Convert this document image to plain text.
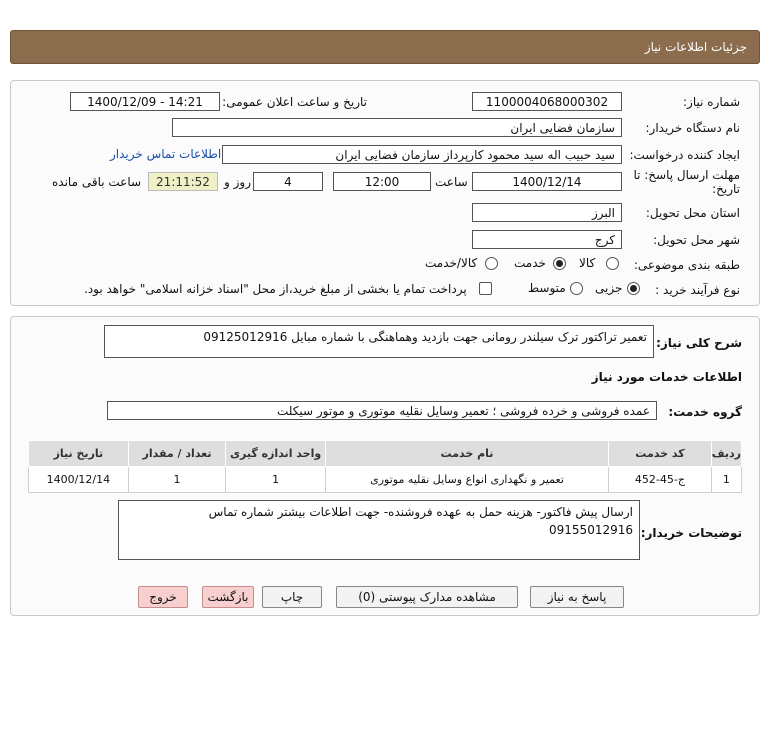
جزئیات اطلاعات نیاز
شماره نیاز:
1100004068000302
تاریخ و ساعت اعلان عمومی:
1400/12/09 - 14:21
نام دستگاه خریدار:
سازمان فضایی ایران
ایجاد کننده درخواست:
سید حبیب اله سید محمود کارپرداز سازمان فضایی ایران
اطلاعات تماس خریدار
مهلت ارسال پاسخ: تا
تاریخ:
1400/12/14
ساعت
12:00
4
روز و
21:11:52
ساعت باقی مانده
استان محل تحویل:
البرز
شهر محل تحویل:
کرج
طبقه بندی موضوعی:
کالا
خدمت
کالا/خدمت
نوع فرآیند خرید :
جزیی
متوسط
پرداخت تمام یا بخشی از مبلغ خرید،از محل "اسناد خزانه اسلامی" خواهد بود.
شرح کلی نیاز:
تعمیر تراکتور ترک سیلندر رومانی جهت بازدید وهماهنگی با شماره مبایل 09125012916
اطلاعات خدمات مورد نیاز
گروه خدمت:
عمده فروشی و خرده فروشی ؛ تعمیر وسایل نقلیه موتوری و موتور سیکلت
ردیف	کد خدمت	نام خدمت	واحد اندازه گیری	تعداد / مقدار	تاریخ نیاز
1	ج-45-452	تعمیر و نگهداری انواع وسایل نقلیه موتوری	1	1	1400/12/14
توضیحات خریدار:
ارسال پیش فاکتور- هزینه حمل به عهده فروشنده- جهت اطلاعات بیشتر شماره تماس 09155012916
پاسخ به نیاز
مشاهده مدارک پیوستی (0)
چاپ
بازگشت
خروج
